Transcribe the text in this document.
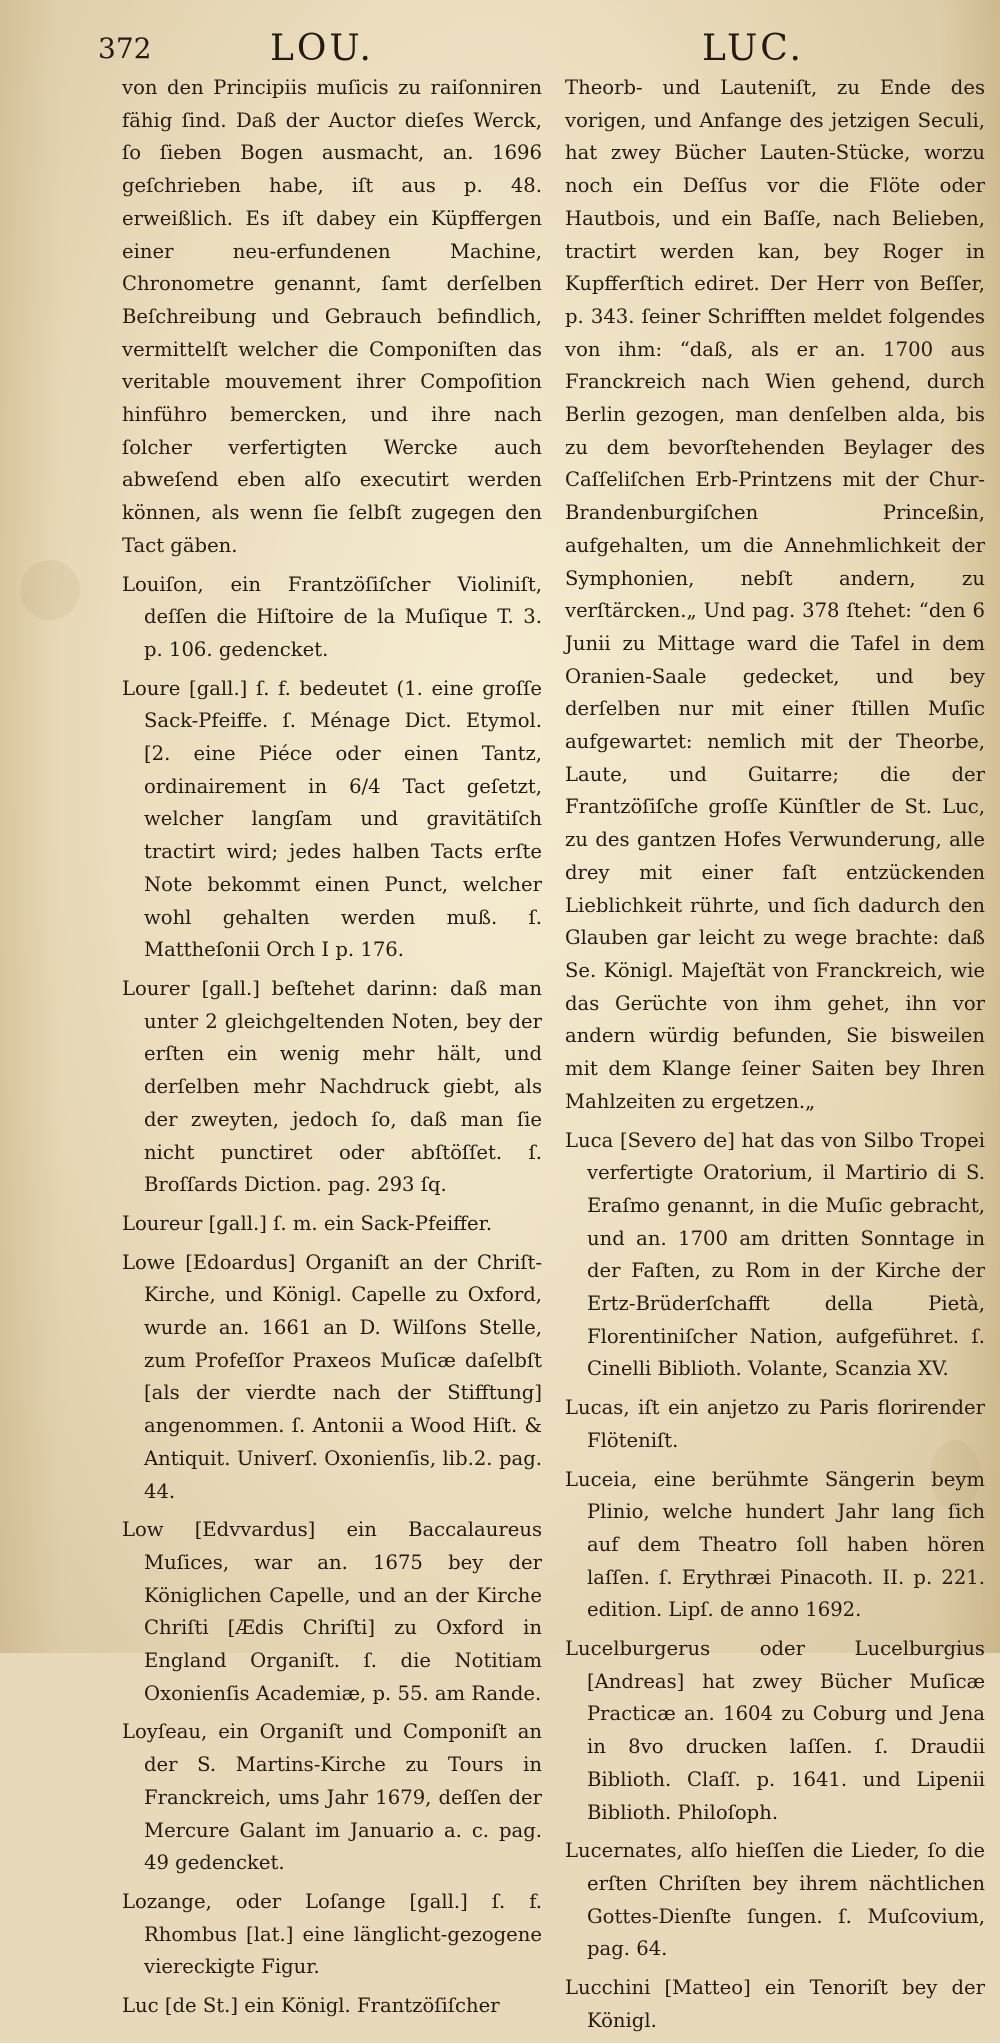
372	LOU.	LUC.

von den Principiis muſicis zu raiſonniren fähig ſind. Daß der Auctor dieſes Werck, ſo ſieben Bogen ausmacht, an. 1696 geſchrieben habe, iſt aus p. 48. erweißlich. Es iſt dabey ein Küpffergen einer neu-erfundenen Machine, Chronometre genannt, ſamt derſelben Beſchreibung und Gebrauch befindlich, vermittelſt welcher die Componiſten das veritable mouvement ihrer Compoſition hinführo bemercken, und ihre nach ſolcher verfertigten Wercke auch abweſend eben alſo executirt werden können, als wenn ſie ſelbſt zugegen den Tact gäben.

Louiſon, ein Frantzöſiſcher Violiniſt, deſſen die Hiſtoire de la Muſique T. 3. p. 106. gedencket.

Loure [gall.] ſ. f. bedeutet (1. eine groſſe Sack-Pfeiffe. ſ. Ménage Dict. Etymol. [2. eine Piéce oder einen Tantz, ordinairement in 6/4 Tact geſetzt, welcher langſam und gravitätiſch tractirt wird; jedes halben Tacts erſte Note bekommt einen Punct, welcher wohl gehalten werden muß. ſ. Mattheſonii Orch I p. 176.

Lourer [gall.] beſtehet darinn: daß man unter 2 gleichgeltenden Noten, bey der erſten ein wenig mehr hält, und derſelben mehr Nachdruck giebt, als der zweyten, jedoch ſo, daß man ſie nicht punctiret oder abſtöſſet. ſ. Broſſards Diction. pag. 293 ſq.

Loureur [gall.] ſ. m. ein Sack-Pfeiffer.

Lowe [Edoardus] Organiſt an der Chriſt-Kirche, und Königl. Capelle zu Oxford, wurde an. 1661 an D. Wilſons Stelle, zum Profeſſor Praxeos Muſicæ daſelbſt [als der vierdte nach der Stifftung] angenommen. ſ. Antonii a Wood Hiſt. & Antiquit. Univerſ. Oxonienſis, lib.2. pag. 44.

Low [Edvvardus] ein Baccalaureus Muſices, war an. 1675 bey der Königlichen Capelle, und an der Kirche Chriſti [Ædis Chriſti] zu Oxford in England Organiſt. ſ. die Notitiam Oxonienſis Academiæ, p. 55. am Rande.

Loyſeau, ein Organiſt und Componiſt an der S. Martins-Kirche zu Tours in Franckreich, ums Jahr 1679, deſſen der Mercure Galant im Januario a. c. pag. 49 gedencket.

Lozange, oder Loſange [gall.] ſ. f. Rhombus [lat.] eine länglicht-gezogene viereckigte Figur.

Luc [de St.] ein Königl. Frantzöſiſcher

Theorb- und Lauteniſt, zu Ende des vorigen, und Anfange des jetzigen Seculi, hat zwey Bücher Lauten-Stücke, worzu noch ein Deſſus vor die Flöte oder Hautbois, und ein Baſſe, nach Belieben, tractirt werden kan, bey Roger in Kupfferſtich ediret. Der Herr von Beſſer, p. 343. ſeiner Schrifften meldet folgendes von ihm: “daß, als er an. 1700 aus Franckreich nach Wien gehend, durch Berlin gezogen, man denſelben alda, bis zu dem bevorſtehenden Beylager des Caſſeliſchen Erb-Printzens mit der Chur-Brandenburgiſchen Princeßin, aufgehalten, um die Annehmlichkeit der Symphonien, nebſt andern, zu verſtärcken.„ Und pag. 378 ſtehet: “den 6 Junii zu Mittage ward die Tafel in dem Oranien-Saale gedecket, und bey derſelben nur mit einer ſtillen Muſic aufgewartet: nemlich mit der Theorbe, Laute, und Guitarre; die der Frantzöſiſche groſſe Künſtler de St. Luc, zu des gantzen Hofes Verwunderung, alle drey mit einer faſt entzückenden Lieblichkeit rührte, und ſich dadurch den Glauben gar leicht zu wege brachte: daß Se. Königl. Majeſtät von Franckreich, wie das Gerüchte von ihm gehet, ihn vor andern würdig befunden, Sie bisweilen mit dem Klange ſeiner Saiten bey Ihren Mahlzeiten zu ergetzen.„

Luca [Severo de] hat das von Silbo Tropei verfertigte Oratorium, il Martirio di S. Eraſmo genannt, in die Muſic gebracht, und an. 1700 am dritten Sonntage in der Faſten, zu Rom in der Kirche der Ertz-Brüderſchafft della Pietà, Florentiniſcher Nation, aufgeführet. ſ. Cinelli Biblioth. Volante, Scanzia XV.

Lucas, iſt ein anjetzo zu Paris florirender Flöteniſt.

Luceia, eine berühmte Sängerin beym Plinio, welche hundert Jahr lang ſich auf dem Theatro ſoll haben hören laſſen. ſ. Erythræi Pinacoth. II. p. 221. edition. Lipſ. de anno 1692.

Lucelburgerus oder Lucelburgius [Andreas] hat zwey Bücher Muſicæ Practicæ an. 1604 zu Coburg und Jena in 8vo drucken laſſen. ſ. Draudii Biblioth. Claſſ. p. 1641. und Lipenii Biblioth. Philoſoph.

Lucernates, alſo hieſſen die Lieder, ſo die erſten Chriſten bey ihrem nächtlichen Gottes-Dienſte ſungen. ſ. Muſcovium, pag. 64.

Lucchini [Matteo] ein Tenoriſt bey der Königl.
